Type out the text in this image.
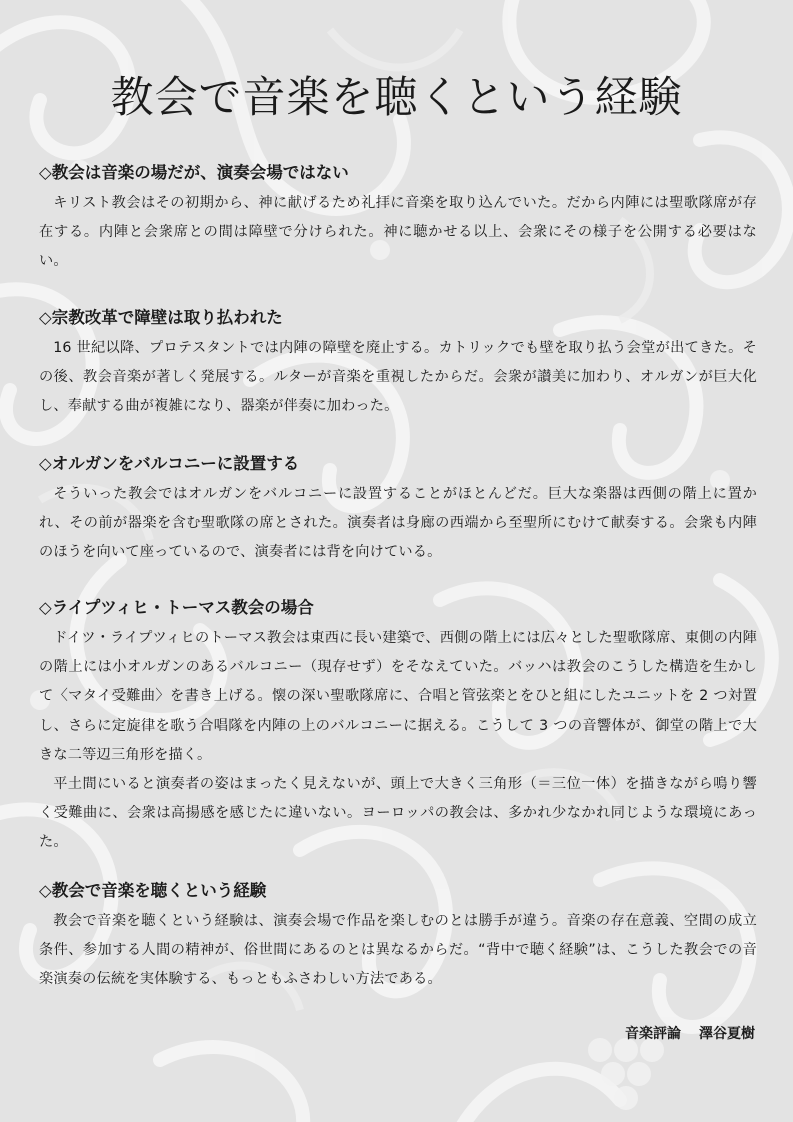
教会で音楽を聴くという経験
◇教会は音楽の場だが、演奏会場ではない

キリスト教会はその初期から、神に献げるため礼拝に音楽を取り込んでいた。だから内陣には聖歌隊席が存在する。内陣と会衆席との間は障壁で分けられた。神に聴かせる以上、会衆にその様子を公開する必要はない。

◇宗教改革で障壁は取り払われた

16 世紀以降、プロテスタントでは内陣の障壁を廃止する。カトリックでも壁を取り払う会堂が出てきた。その後、教会音楽が著しく発展する。ルターが音楽を重視したからだ。会衆が讃美に加わり、オルガンが巨大化し、奉献する曲が複雑になり、器楽が伴奏に加わった。

◇オルガンをバルコニーに設置する

そういった教会ではオルガンをバルコニーに設置することがほとんどだ。巨大な楽器は西側の階上に置かれ、その前が器楽を含む聖歌隊の席とされた。演奏者は身廊の西端から至聖所にむけて献奏する。会衆も内陣のほうを向いて座っているので、演奏者には背を向けている。

◇ライプツィヒ・トーマス教会の場合

ドイツ・ライプツィヒのトーマス教会は東西に長い建築で、西側の階上には広々とした聖歌隊席、東側の内陣の階上には小オルガンのあるバルコニー（現存せず）をそなえていた。バッハは教会のこうした構造を生かして〈マタイ受難曲〉を書き上げる。懐の深い聖歌隊席に、合唱と管弦楽とをひと組にしたユニットを 2 つ対置し、さらに定旋律を歌う合唱隊を内陣の上のバルコニーに据える。こうして 3 つの音響体が、御堂の階上で大きな二等辺三角形を描く。

平土間にいると演奏者の姿はまったく見えないが、頭上で大きく三角形（＝三位一体）を描きながら鳴り響く受難曲に、会衆は高揚感を感じたに違いない。ヨーロッパの教会は、多かれ少なかれ同じような環境にあった。

◇教会で音楽を聴くという経験

教会で音楽を聴くという経験は、演奏会場で作品を楽しむのとは勝手が違う。音楽の存在意義、空間の成立条件、参加する人間の精神が、俗世間にあるのとは異なるからだ。“背中で聴く経験”は、こうした教会での音楽演奏の伝統を実体験する、もっともふさわしい方法である。

音楽評論 澤谷夏樹
